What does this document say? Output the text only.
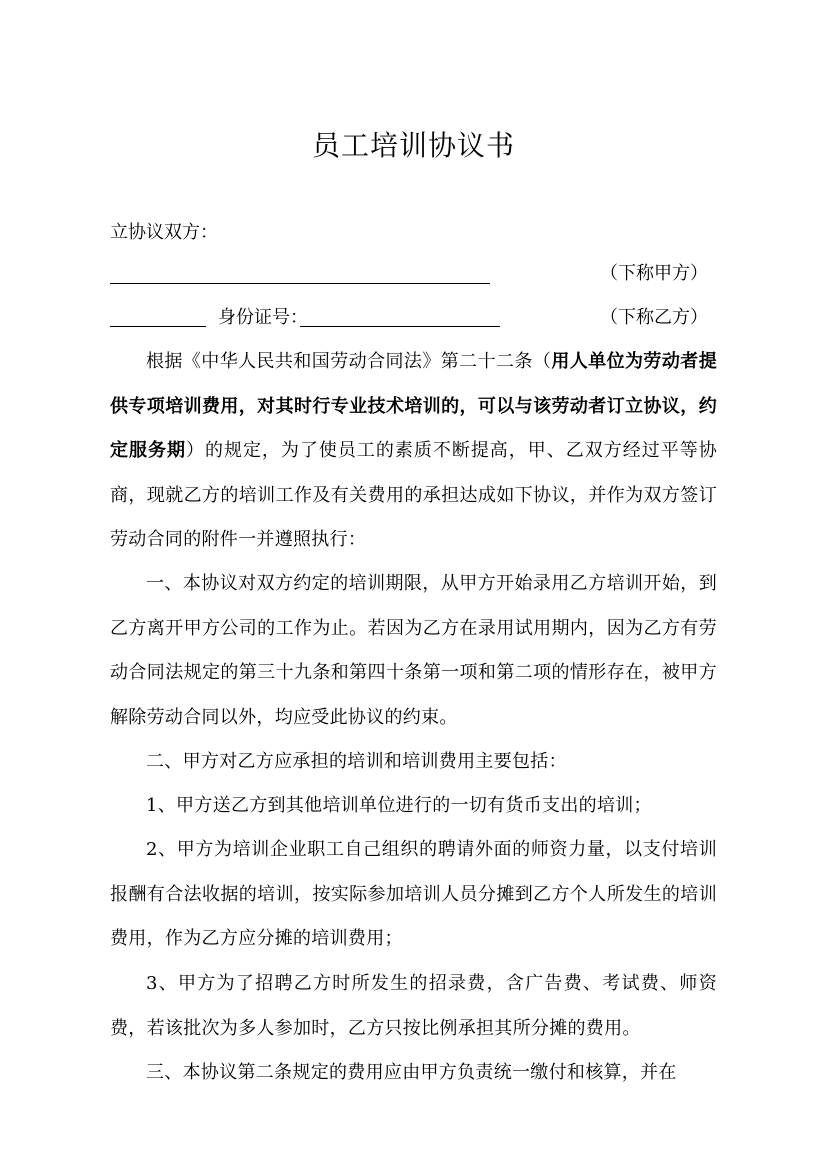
员工培训协议书
立协议双方：
（下称甲方）
身份证号：	（下称乙方）
根据《中华人民共和国劳动合同法》第二十二条（用人单位为劳动者提供专项培训费用，对其时行专业技术培训的，可以与该劳动者订立协议，约定服务期）的规定，为了使员工的素质不断提高，甲、乙双方经过平等协商，现就乙方的培训工作及有关费用的承担达成如下协议，并作为双方签订劳动合同的附件一并遵照执行：
一、本协议对双方约定的培训期限，从甲方开始录用乙方培训开始，到乙方离开甲方公司的工作为止。若因为乙方在录用试用期内，因为乙方有劳动合同法规定的第三十九条和第四十条第一项和第二项的情形存在，被甲方解除劳动合同以外，均应受此协议的约束。
二、甲方对乙方应承担的培训和培训费用主要包括：
1、甲方送乙方到其他培训单位进行的一切有货币支出的培训；
2、甲方为培训企业职工自己组织的聘请外面的师资力量，以支付培训报酬有合法收据的培训，按实际参加培训人员分摊到乙方个人所发生的培训费用，作为乙方应分摊的培训费用；
3、甲方为了招聘乙方时所发生的招录费，含广告费、考试费、师资费，若该批次为多人参加时，乙方只按比例承担其所分摊的费用。
三、本协议第二条规定的费用应由甲方负责统一缴付和核算，并在
